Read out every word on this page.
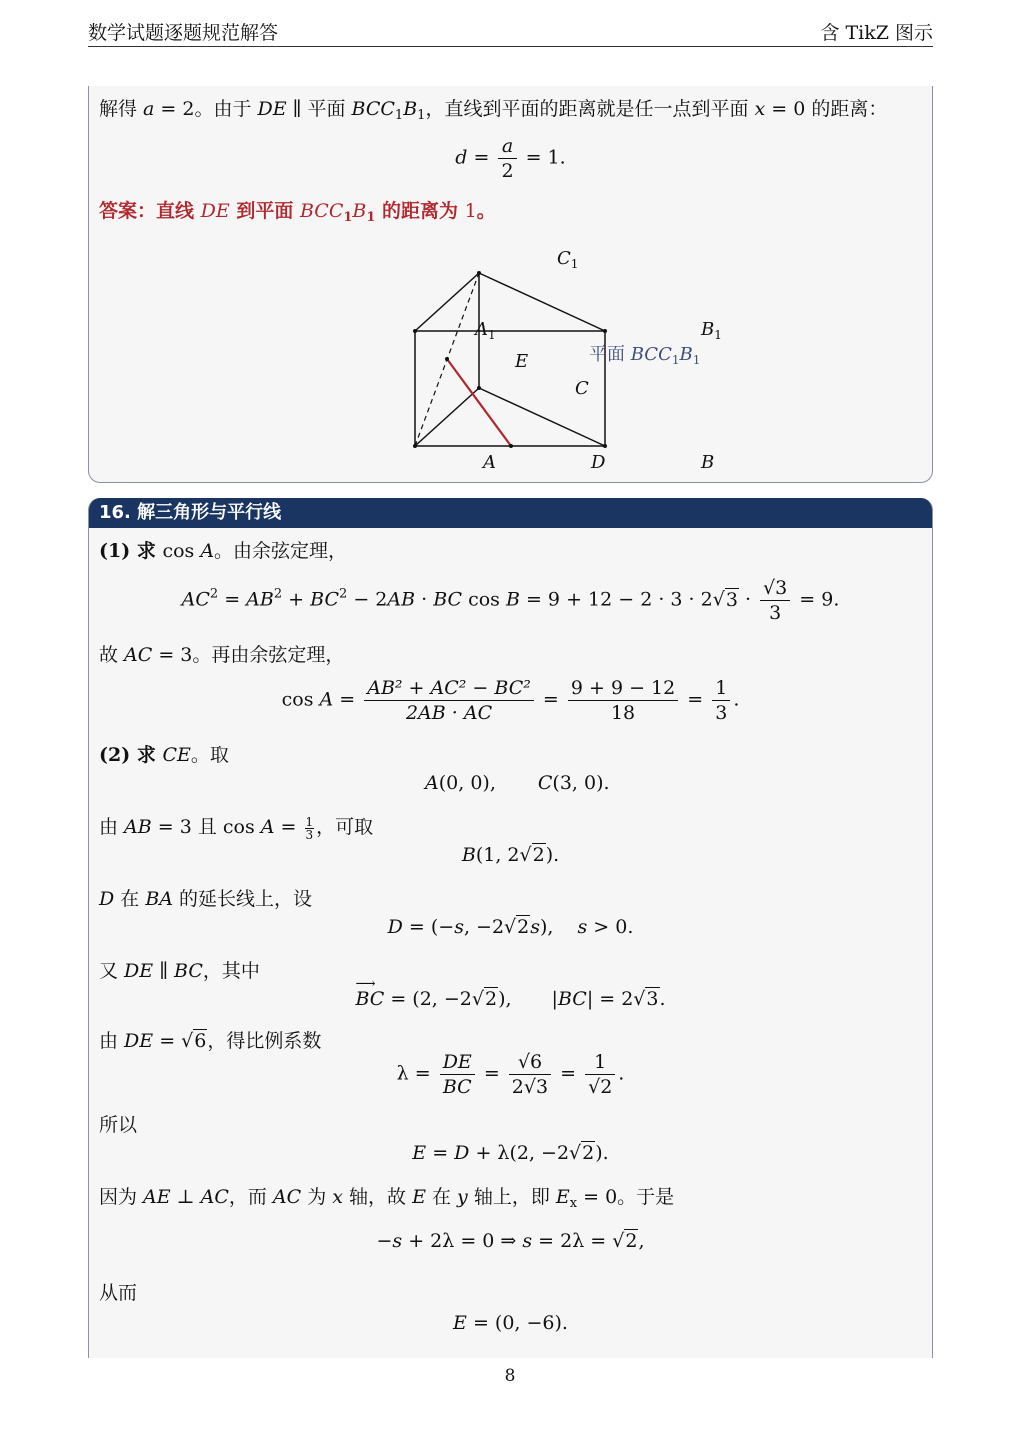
数学试题逐题规范解答	含 TikZ 图示
解得 a = 2。由于 DE ∥ 平面 $BCC_1B_1$，直线到平面的距离就是任一点到平面 x = 0 的距离：
$d = \frac{a}{2} = 1$.
答案：直线 DE 到平面 $BCC_1B_1$ 的距离为 1。
$C_1$
$A_1$	$B_1$
E
C
A	D	B
平面 $BCC_1B_1$
16. 解三角形与平行线
(1) 求 cos A。由余弦定理，
$AC^2 = AB^2 + BC^2 - 2AB$ · BC $\cos B = 9 + 12 - 2 \cdot 3 \cdot 2√3 \cdot \frac{√3}{3} = 9$.
故 AC = 3。再由余弦定理，
$\cos A = \frac{\text{AB² + AC² − BC²}}{2AB \cdot AC} = \frac{9 + 9 - 12}{18} = \frac{1}{3}$ .
(2) 求 CE。取
A(0, 0), C(3, 0).
由 AB = 3 且 $\cos A = \frac{1}{3}$ ，可取
B(1, 2√2).
D 在 BA 的延长线上，设
D = (−s, −2√2s), s > 0.
又 DE ∥ BC，其中
⟶
BC = (2, −2√2), |BC| = 2√3.
由 DE = √6，得比例系数
$\lambda = \frac{DE}{BC} = \frac{√6}{2√3} = \frac{1}{√2}$ .
所以
E = D + λ(2, −2√2).
因为 AE ⊥ AC，而 AC 为 x 轴，故 E 在 y 轴上，即 $E_x = 0$。于是
−s + 2λ = 0 ⇒ s = 2λ = √2,
从而
E = (0, −6).
8
